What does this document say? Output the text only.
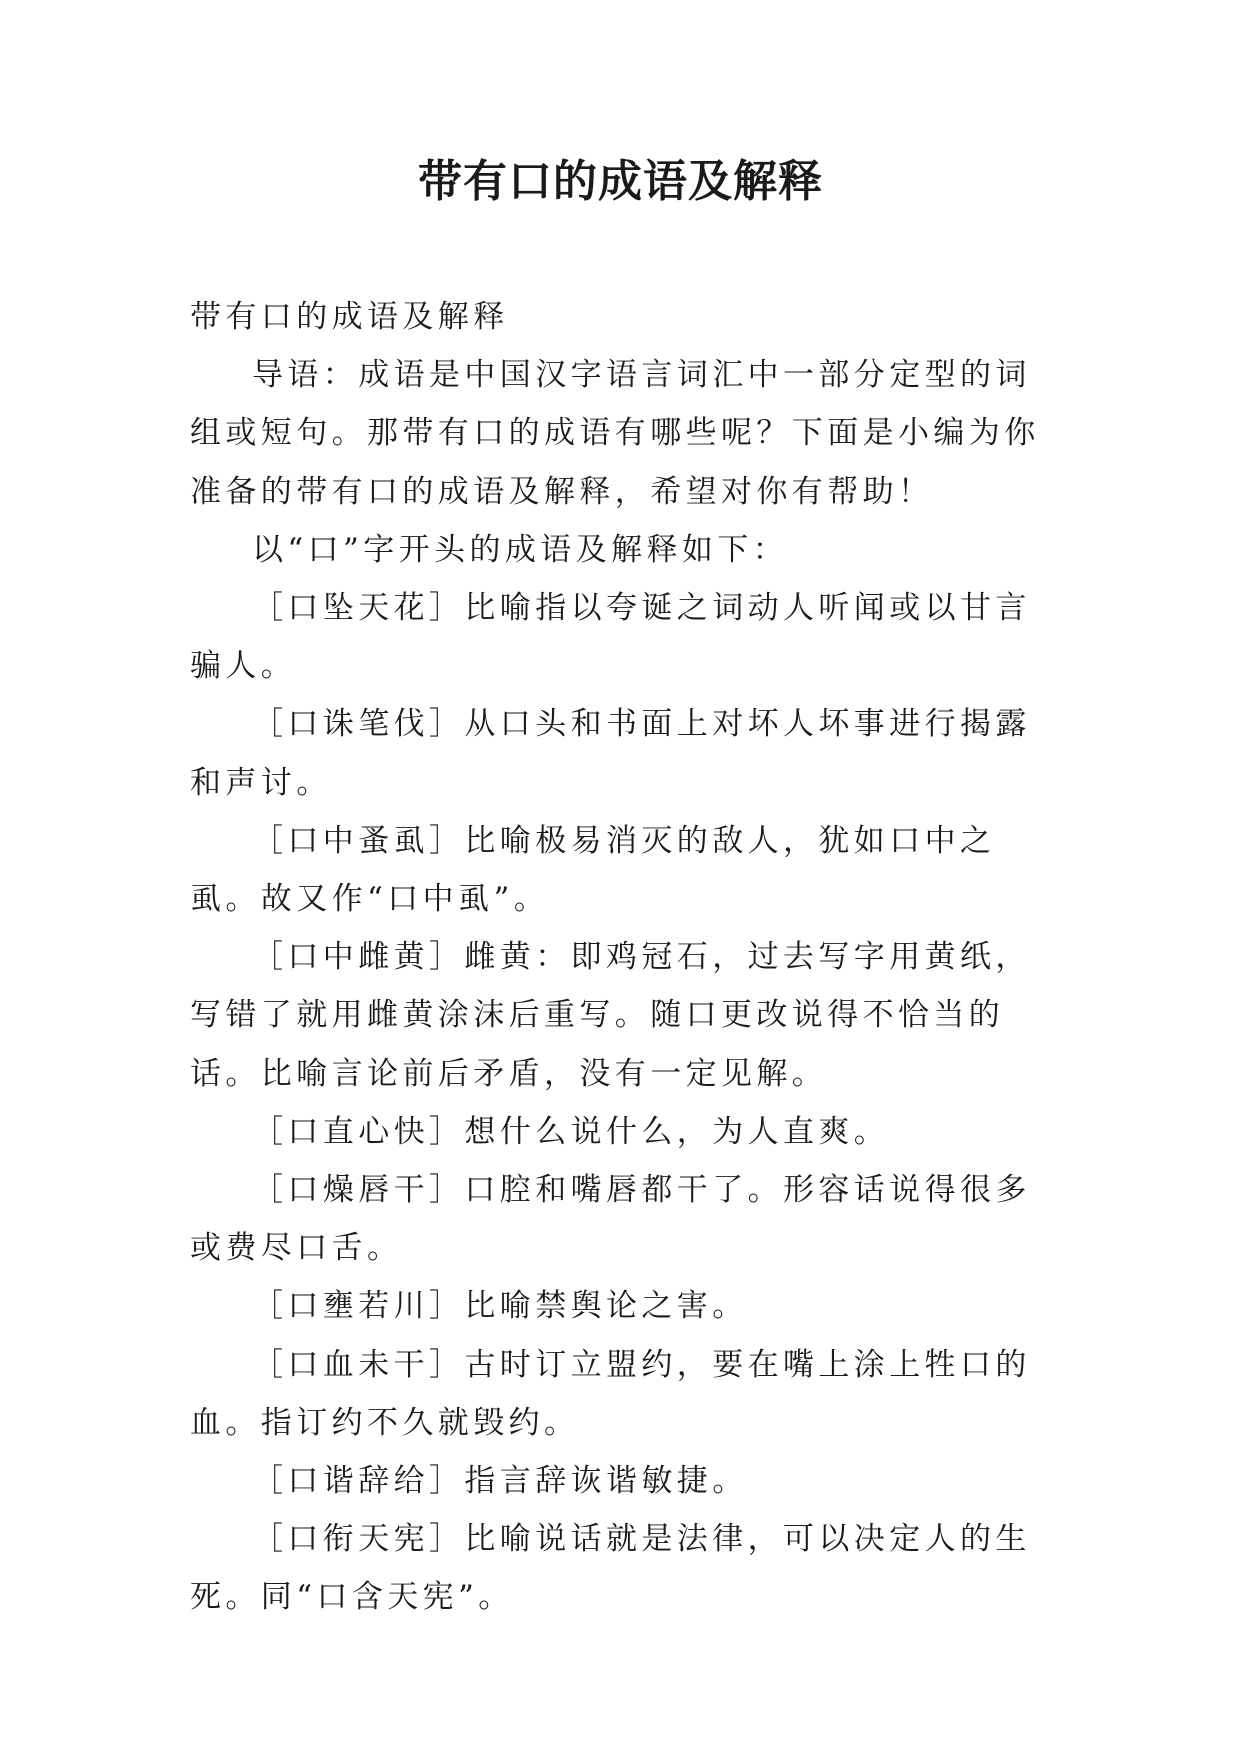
带有口的成语及解释

带有口的成语及解释

导语：成语是中国汉字语言词汇中一部分定型的词组或短句。那带有口的成语有哪些呢？下面是小编为你准备的带有口的成语及解释，希望对你有帮助！

以“口”字开头的成语及解释如下：

［口坠天花］比喻指以夸诞之词动人听闻或以甘言骗人。

［口诛笔伐］从口头和书面上对坏人坏事进行揭露和声讨。

［口中蚤虱］比喻极易消灭的敌人，犹如口中之虱。故又作“口中虱”。

［口中雌黄］雌黄：即鸡冠石，过去写字用黄纸，写错了就用雌黄涂沫后重写。随口更改说得不恰当的话。比喻言论前后矛盾，没有一定见解。

［口直心快］想什么说什么，为人直爽。

［口燥唇干］口腔和嘴唇都干了。形容话说得很多或费尽口舌。

［口壅若川］比喻禁舆论之害。

［口血未干］古时订立盟约，要在嘴上涂上牲口的血。指订约不久就毁约。

［口谐辞给］指言辞诙谐敏捷。

［口衔天宪］比喻说话就是法律，可以决定人的生死。同“口含天宪”。
